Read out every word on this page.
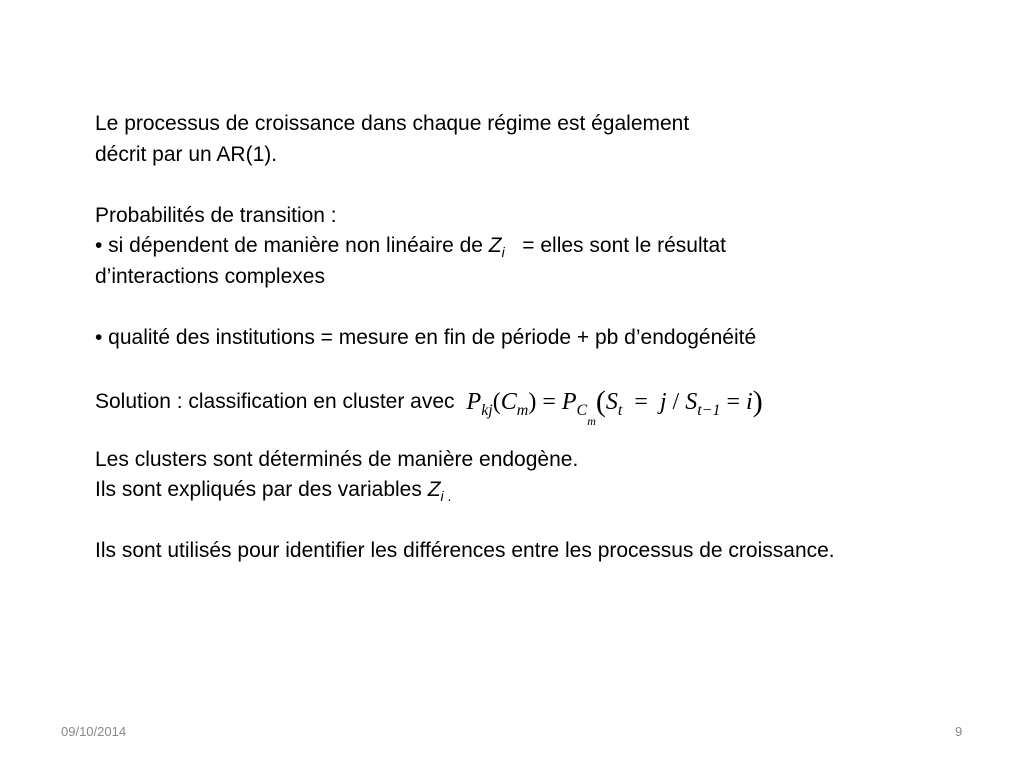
Le processus de croissance dans chaque régime est également
décrit par un AR(1).
Probabilités de transition :
• si dépendent de manière non linéaire de $Z_i$ = elles sont le résultat
d’interactions complexes
• qualité des institutions = mesure en fin de période + pb d’endogénéité
Solution : classification en cluster avec $P_{kj}(C_m) = P_{C_m}(S_t = j / S_{t-1} = i)$
Les clusters sont déterminés de manière endogène.
Ils sont expliqués par des variables $Z_i$ $_.$
Ils sont utilisés pour identifier les différences entre les processus de croissance.
09/10/2014	9
